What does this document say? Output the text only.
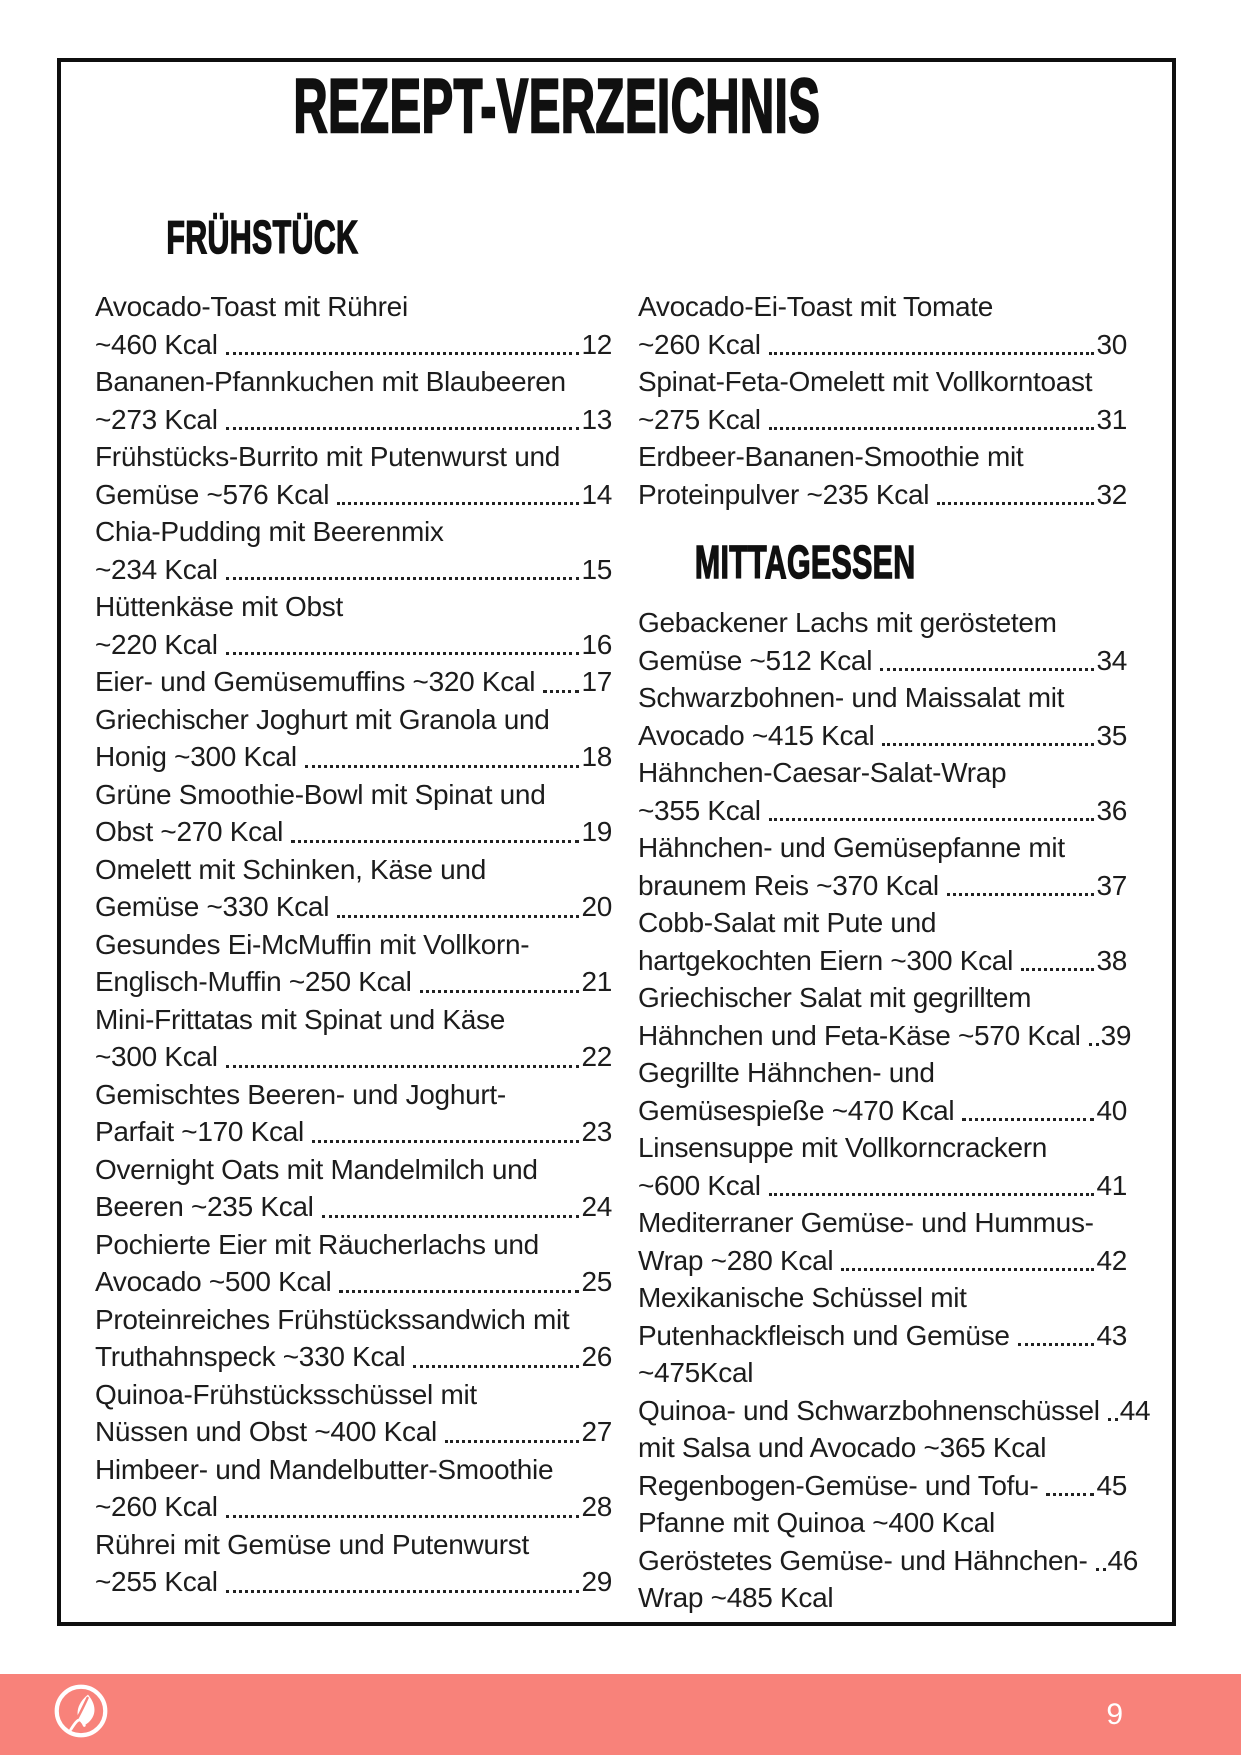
REZEPT-VERZEICHNIS
FRÜHSTÜCK
Avocado-Toast mit Rührei
~460 Kcal	12
Bananen-Pfannkuchen mit Blaubeeren
~273 Kcal	13
Frühstücks-Burrito mit Putenwurst und
Gemüse ~576 Kcal	14
Chia-Pudding mit Beerenmix
~234 Kcal	15
Hüttenkäse mit Obst
~220 Kcal	16
Eier- und Gemüsemuffins ~320 Kcal 17
Griechischer Joghurt mit Granola und
Honig ~300 Kcal	18
Grüne Smoothie-Bowl mit Spinat und
Obst ~270 Kcal	19
Omelett mit Schinken, Käse und
Gemüse ~330 Kcal	20
Gesundes Ei-McMuffin mit Vollkorn-
Englisch-Muffin ~250 Kcal	21
Mini-Frittatas mit Spinat und Käse
~300 Kcal	22
Gemischtes Beeren- und Joghurt-
Parfait ~170 Kcal	23
Overnight Oats mit Mandelmilch und
Beeren ~235 Kcal	24
Pochierte Eier mit Räucherlachs und
Avocado ~500 Kcal	25
Proteinreiches Frühstückssandwich mit
Truthahnspeck ~330 Kcal	26
Quinoa-Frühstücksschüssel mit
Nüssen und Obst ~400 Kcal	27
Himbeer- und Mandelbutter-Smoothie
~260 Kcal	28
Rührei mit Gemüse und Putenwurst
~255 Kcal	29
Avocado-Ei-Toast mit Tomate
~260 Kcal	30
Spinat-Feta-Omelett mit Vollkorntoast
~275 Kcal	31
Erdbeer-Bananen-Smoothie mit
Proteinpulver ~235 Kcal	32
MITTAGESSEN
Gebackener Lachs mit geröstetem
Gemüse ~512 Kcal	34
Schwarzbohnen- und Maissalat mit
Avocado ~415 Kcal	35
Hähnchen-Caesar-Salat-Wrap
~355 Kcal	36
Hähnchen- und Gemüsepfanne mit
braunem Reis ~370 Kcal	37
Cobb-Salat mit Pute und
hartgekochten Eiern ~300 Kcal	38
Griechischer Salat mit gegrilltem
Hähnchen und Feta-Käse ~570 Kcal 39
Gegrillte Hähnchen- und
Gemüsespieße ~470 Kcal	40
Linsensuppe mit Vollkorncrackern
~600 Kcal	41
Mediterraner Gemüse- und Hummus-
Wrap ~280 Kcal	42
Mexikanische Schüssel mit
Putenhackfleisch und Gemüse	43
~475Kcal
Quinoa- und Schwarzbohnenschüssel 44
mit Salsa und Avocado ~365 Kcal
Regenbogen-Gemüse- und Tofu- 45
Pfanne mit Quinoa ~400 Kcal
Geröstetes Gemüse- und Hähnchen- 46
Wrap ~485 Kcal
9
